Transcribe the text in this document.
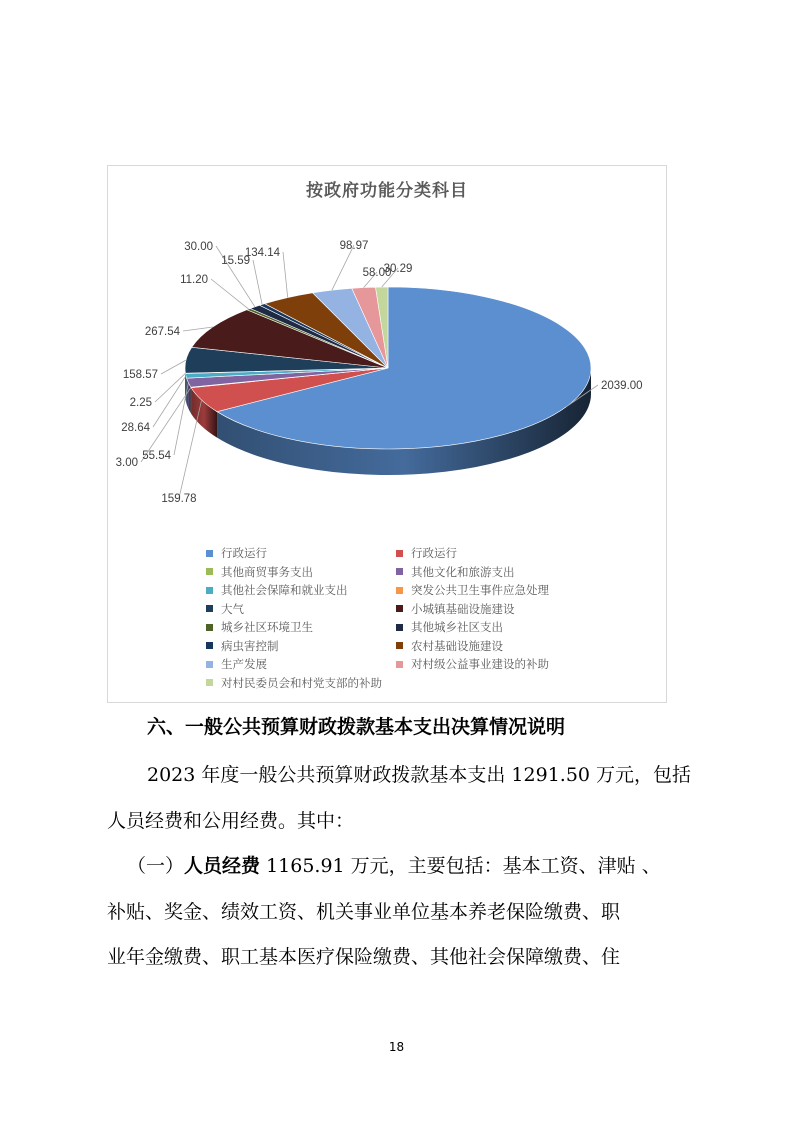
按政府功能分类科目
2039.00
159.78
3.00
55.54
28.64
2.25
158.57
267.54
11.20
30.00
15.59
134.14
98.97
58.00
30.29
行政运行	行政运行
其他商贸事务支出	其他文化和旅游支出
其他社会保障和就业支出	突发公共卫生事件应急处理
大气	小城镇基础设施建设
城乡社区环境卫生	其他城乡社区支出
病虫害控制	农村基础设施建设
生产发展	对村级公益事业建设的补助
对村民委员会和村党支部的补助
六、一般公共预算财政拨款基本支出决算情况说明
2023 年度一般公共预算财政拨款基本支出 1291.50 万元，包括
人员经费和公用经费。其中：
（一）人员经费 1165.91 万元，主要包括：基本工资、津贴 、
补贴、奖金、绩效工资、机关事业单位基本养老保险缴费、职
业年金缴费、职工基本医疗保险缴费、其他社会保障缴费、住
18
